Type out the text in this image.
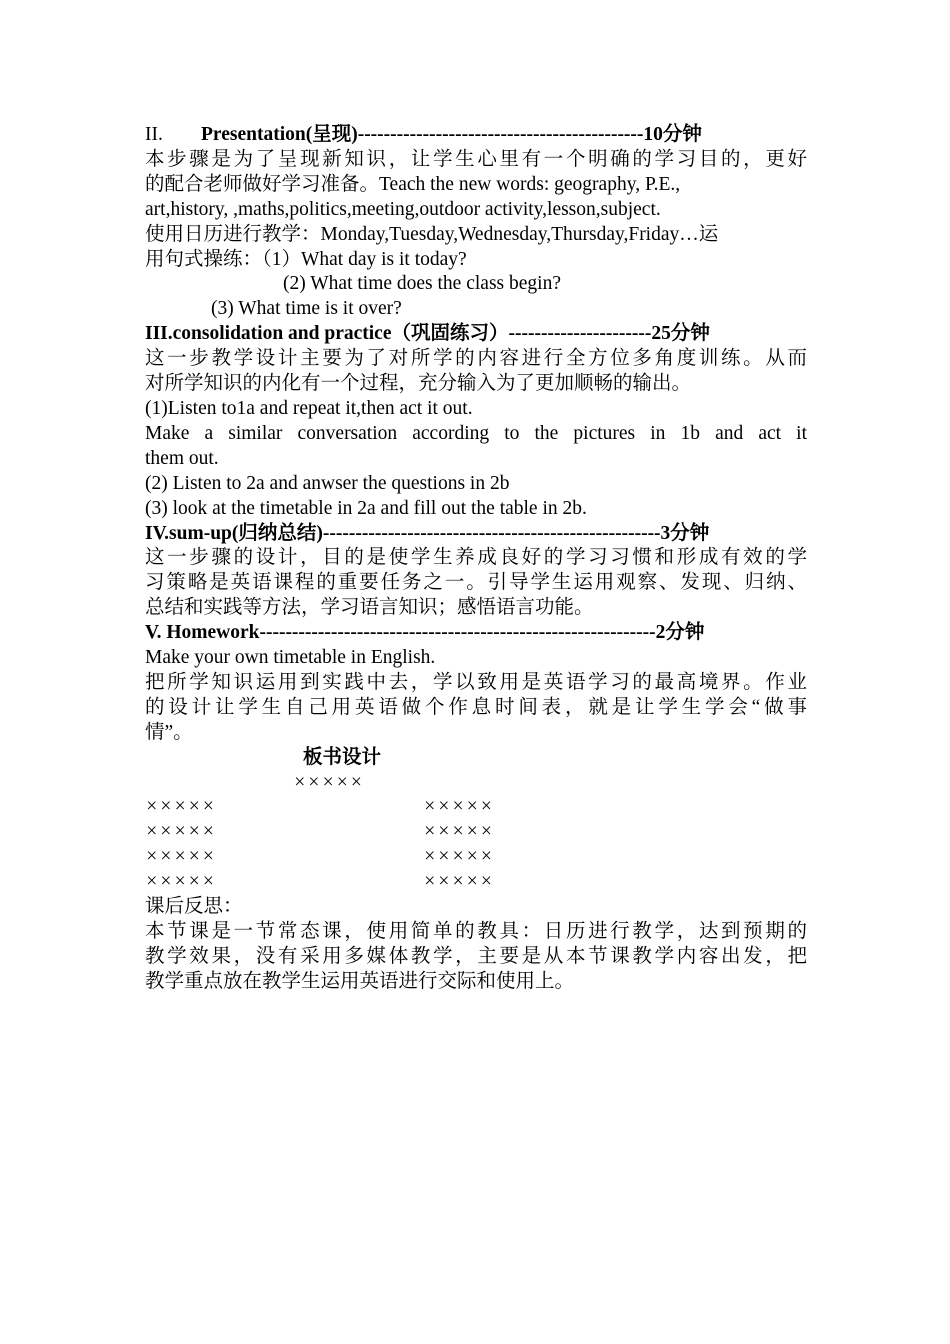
II.	Presentation(呈现)--------------------------------------------10分钟
本步骤是为了呈现新知识，让学生心里有一个明确的学习目的，更好
的配合老师做好学习准备。Teach the new words: geography, P.E.,
art,history, ,maths,politics,meeting,outdoor activity,lesson,subject.
使用日历进行教学：Monday,Tuesday,Wednesday,Thursday,Friday…运
用句式操练：（1）What day is it today?
(2) What time does the class begin?
(3) What time is it over?
III.consolidation and practice（巩固练习）----------------------25分钟
这一步教学设计主要为了对所学的内容进行全方位多角度训练。从而
对所学知识的内化有一个过程，充分输入为了更加顺畅的输出。
(1)Listen to1a and repeat it,then act it out.
Make a similar conversation according to the pictures in 1b and act it
them out.
(2) Listen to 2a and anwser the questions in 2b
(3) look at the timetable in 2a and fill out the table in 2b.
IV.sum-up(归纳总结)----------------------------------------------------3分钟
这一步骤的设计，目的是使学生养成良好的学习习惯和形成有效的学
习策略是英语课程的重要任务之一。引导学生运用观察、发现、归纳、
总结和实践等方法，学习语言知识；感悟语言功能。
V. Homework-------------------------------------------------------------2分钟
Make your own timetable in English.
把所学知识运用到实践中去，学以致用是英语学习的最高境界。作业
的设计让学生自己用英语做个作息时间表，就是让学生学会“做事
情”。
板书设计
×××××
×××××	×××××
×××××	×××××
×××××	×××××
×××××	×××××
课后反思：
本节课是一节常态课，使用简单的教具：日历进行教学，达到预期的
教学效果，没有采用多媒体教学，主要是从本节课教学内容出发，把
教学重点放在教学生运用英语进行交际和使用上。
